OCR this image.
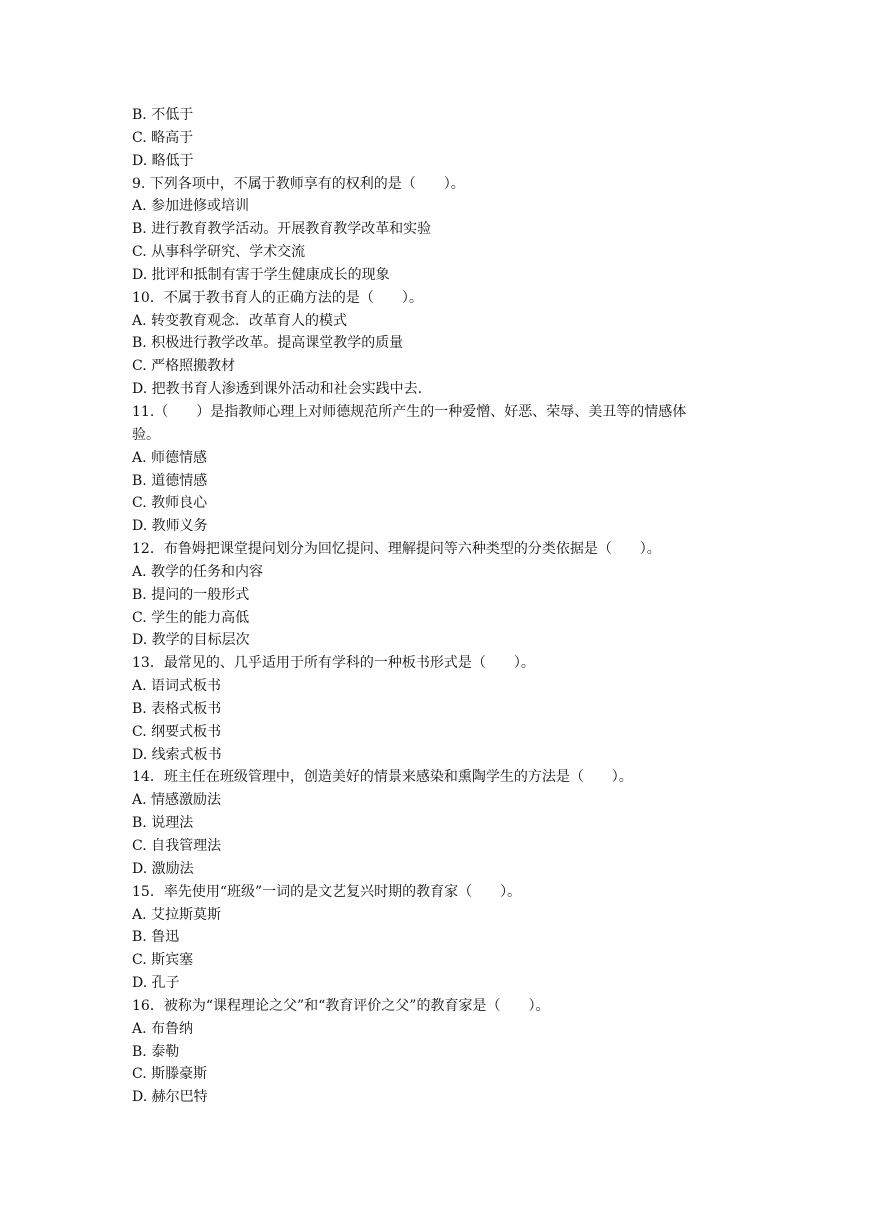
B. 不低于
C. 略高于
D. 略低于
9. 下列各项中，不属于教师享有的权利的是（　　）。
A. 参加进修或培训
B. 进行教育教学活动。开展教育教学改革和实验
C. 从事科学研究、学术交流
D. 批评和抵制有害于学生健康成长的现象
10．不属于教书育人的正确方法的是（　　）。
A. 转变教育观念．改革育人的模式
B. 积极进行教学改革。提高课堂教学的质量
C. 严格照搬教材
D. 把教书育人渗透到课外活动和社会实践中去.
11.（　　）是指教师心理上对师德规范所产生的一种爱憎、好恶、荣辱、美丑等的情感体
验。
A. 师德情感
B. 道德情感
C. 教师良心
D. 教师义务
12．布鲁姆把课堂提问划分为回忆提问、理解提问等六种类型的分类依据是（　　）。
A. 教学的任务和内容
B. 提问的一般形式
C. 学生的能力高低
D. 教学的目标层次
13．最常见的、几乎适用于所有学科的一种板书形式是（　　）。
A. 语词式板书
B. 表格式板书
C. 纲要式板书
D. 线索式板书
14．班主任在班级管理中，创造美好的情景来感染和熏陶学生的方法是（　　）。
A. 情感激励法
B. 说理法
C. 自我管理法
D. 激励法
15．率先使用“班级”一词的是文艺复兴时期的教育家（　　）。
A. 艾拉斯莫斯
B. 鲁迅
C. 斯宾塞
D. 孔子
16．被称为“课程理论之父”和“教育评价之父”的教育家是（　　）。
A. 布鲁纳
B. 泰勒
C. 斯滕豪斯
D. 赫尔巴特
